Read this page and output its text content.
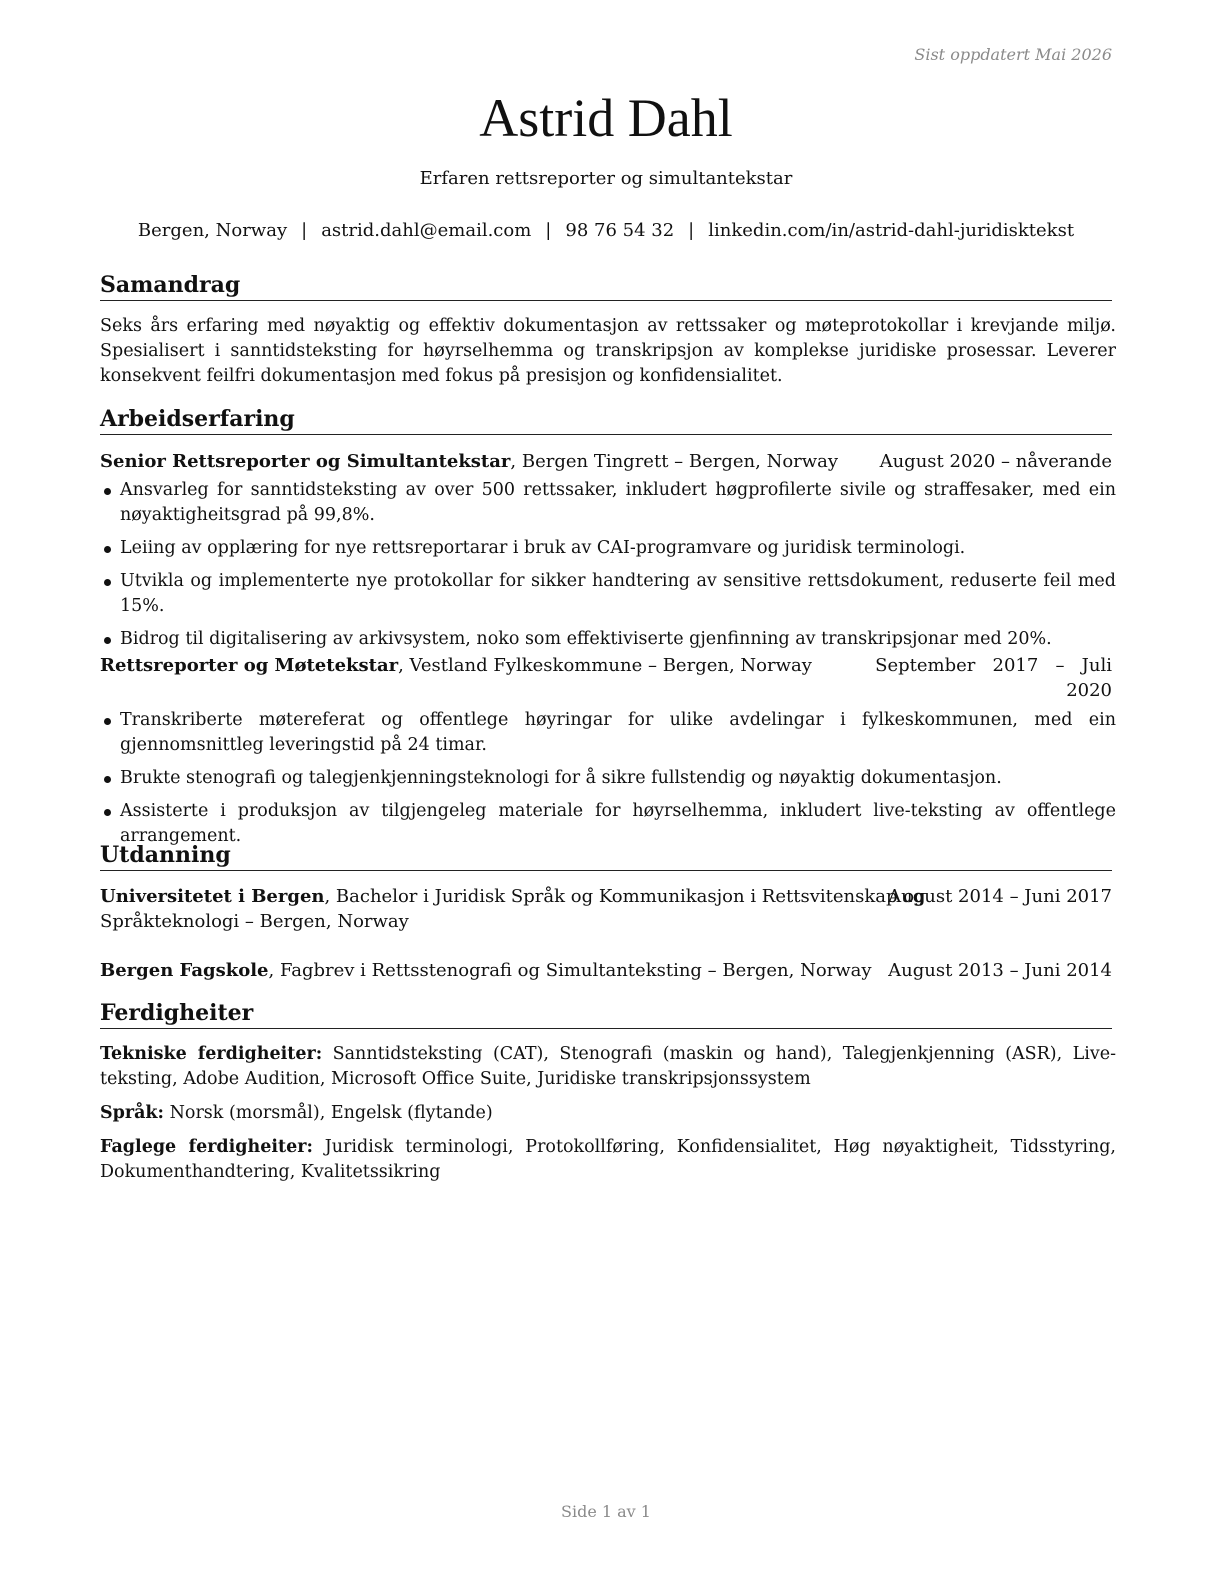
Sist oppdatert Mai 2026
Astrid Dahl
Erfaren rettsreporter og simultantekstar
Bergen, Norway | astrid.dahl@email.com | 98 76 54 32 | linkedin.com/in/astrid-dahl-juridisktekst
Samandrag

Seks års erfaring med nøyaktig og effektiv dokumentasjon av rettssaker og møteprotokollar i krevjande miljø. Spesialisert i sanntidsteksting for høyrselhemma og transkripsjon av komplekse juridiske prosessar. Leverer konsekvent feilfri dokumentasjon med fokus på presisjon og konfidensialitet.

Arbeidserfaring
Senior Rettsreporter og Simultantekstar, Bergen Tingrett – Bergen, Norway August 2020 – nåverande
Ansvarleg for sanntidsteksting av over 500 rettssaker, inkludert høgprofilerte sivile og straffesaker, med ein nøyaktigheitsgrad på 99,8%.
Leiing av opplæring for nye rettsreportarar i bruk av CAI-programvare og juridisk terminologi.
Utvikla og implementerte nye protokollar for sikker handtering av sensitive rettsdokument, reduserte feil med 15%.
Bidrog til digitalisering av arkivsystem, noko som effektiviserte gjenfinning av transkripsjonar med 20%.
Rettsreporter og Møtetekstar, Vestland Fylkeskommune – Bergen, Norway	September   2017   –   Juli
2020
Transkriberte møtereferat og offentlege høyringar for ulike avdelingar i fylkeskommunen, med ein gjennomsnittleg leveringstid på 24 timar.
Brukte stenografi og talegjenkjenningsteknologi for å sikre fullstendig og nøyaktig dokumentasjon.
Assisterte i produksjon av tilgjengeleg materiale for høyrselhemma, inkludert live-teksting av offentlege arrangement.
Utdanning
Universitetet i Bergen, Bachelor i Juridisk Språk og Kommunikasjon i Rettsvitenskap og
August 2014 – Juni 2017
Språkteknologi – Bergen, Norway
Bergen Fagskole, Fagbrev i Rettsstenografi og Simultanteksting – Bergen, Norway August 2013 – Juni 2014
Ferdigheiter

Tekniske ferdigheiter: Sanntidsteksting (CAT), Stenografi (maskin og hand), Talegjenkjenning (ASR), Live-teksting, Adobe Audition, Microsoft Office Suite, Juridiske transkripsjonssystem

Språk: Norsk (morsmål), Engelsk (flytande)

Faglege ferdigheiter: Juridisk terminologi, Protokollføring, Konfidensialitet, Høg nøyaktigheit, Tidsstyring, Dokumenthandtering, Kvalitetssikring

Side 1 av 1
